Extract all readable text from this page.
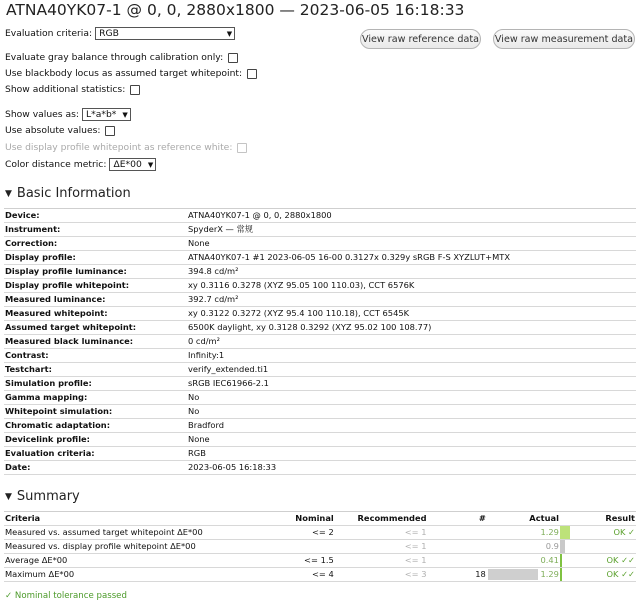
ATNA40YK07-1 @ 0, 0, 2880x1800 — 2023-06-05 16:18:33
Evaluation criteria: RGB	▼	View raw reference data View raw measurement data
Evaluate gray balance through calibration only:
Use blackbody locus as assumed target whitepoint:
Show additional statistics:
Show values as: L*a*b* ▼
Use absolute values:
Use display profile whitepoint as reference white:
Color distance metric: ΔE*00 ▼
▼ Basic Information
Device:	ATNA40YK07-1 @ 0, 0, 2880x1800
Instrument:	SpyderX — 常规
Correction:	None
Display profile:	ATNA40YK07-1 #1 2023-06-05 16-00 0.3127x 0.329y sRGB F-S XYZLUT+MTX
Display profile luminance:	394.8 cd/m²
Display profile whitepoint:	xy 0.3116 0.3278 (XYZ 95.05 100 110.03), CCT 6576K
Measured luminance:	392.7 cd/m²
Measured whitepoint:	xy 0.3122 0.3272 (XYZ 95.4 100 110.18), CCT 6545K
Assumed target whitepoint:	6500K daylight, xy 0.3128 0.3292 (XYZ 95.02 100 108.77)
Measured black luminance:	0 cd/m²
Contrast:	Infinity:1
Testchart:	verify_extended.ti1
Simulation profile:	sRGB IEC61966-2.1
Gamma mapping:	No
Whitepoint simulation:	No
Chromatic adaptation:	Bradford
Devicelink profile:	None
Evaluation criteria:	RGB
Date:	2023-06-05 16:18:33
▼ Summary
Criteria	Nominal	Recommended	#	Actual		Result
Measured vs. assumed target whitepoint ΔE*00	<= 2	<= 1		1.29		OK ✓
Measured vs. display profile whitepoint ΔE*00		<= 1		0.9	

Average ΔE*00	<= 1.5	<= 1		0.41		OK ✓✓
Maximum ΔE*00	<= 4	<= 3	18	1.29		OK ✓✓
✓ Nominal tolerance passed
